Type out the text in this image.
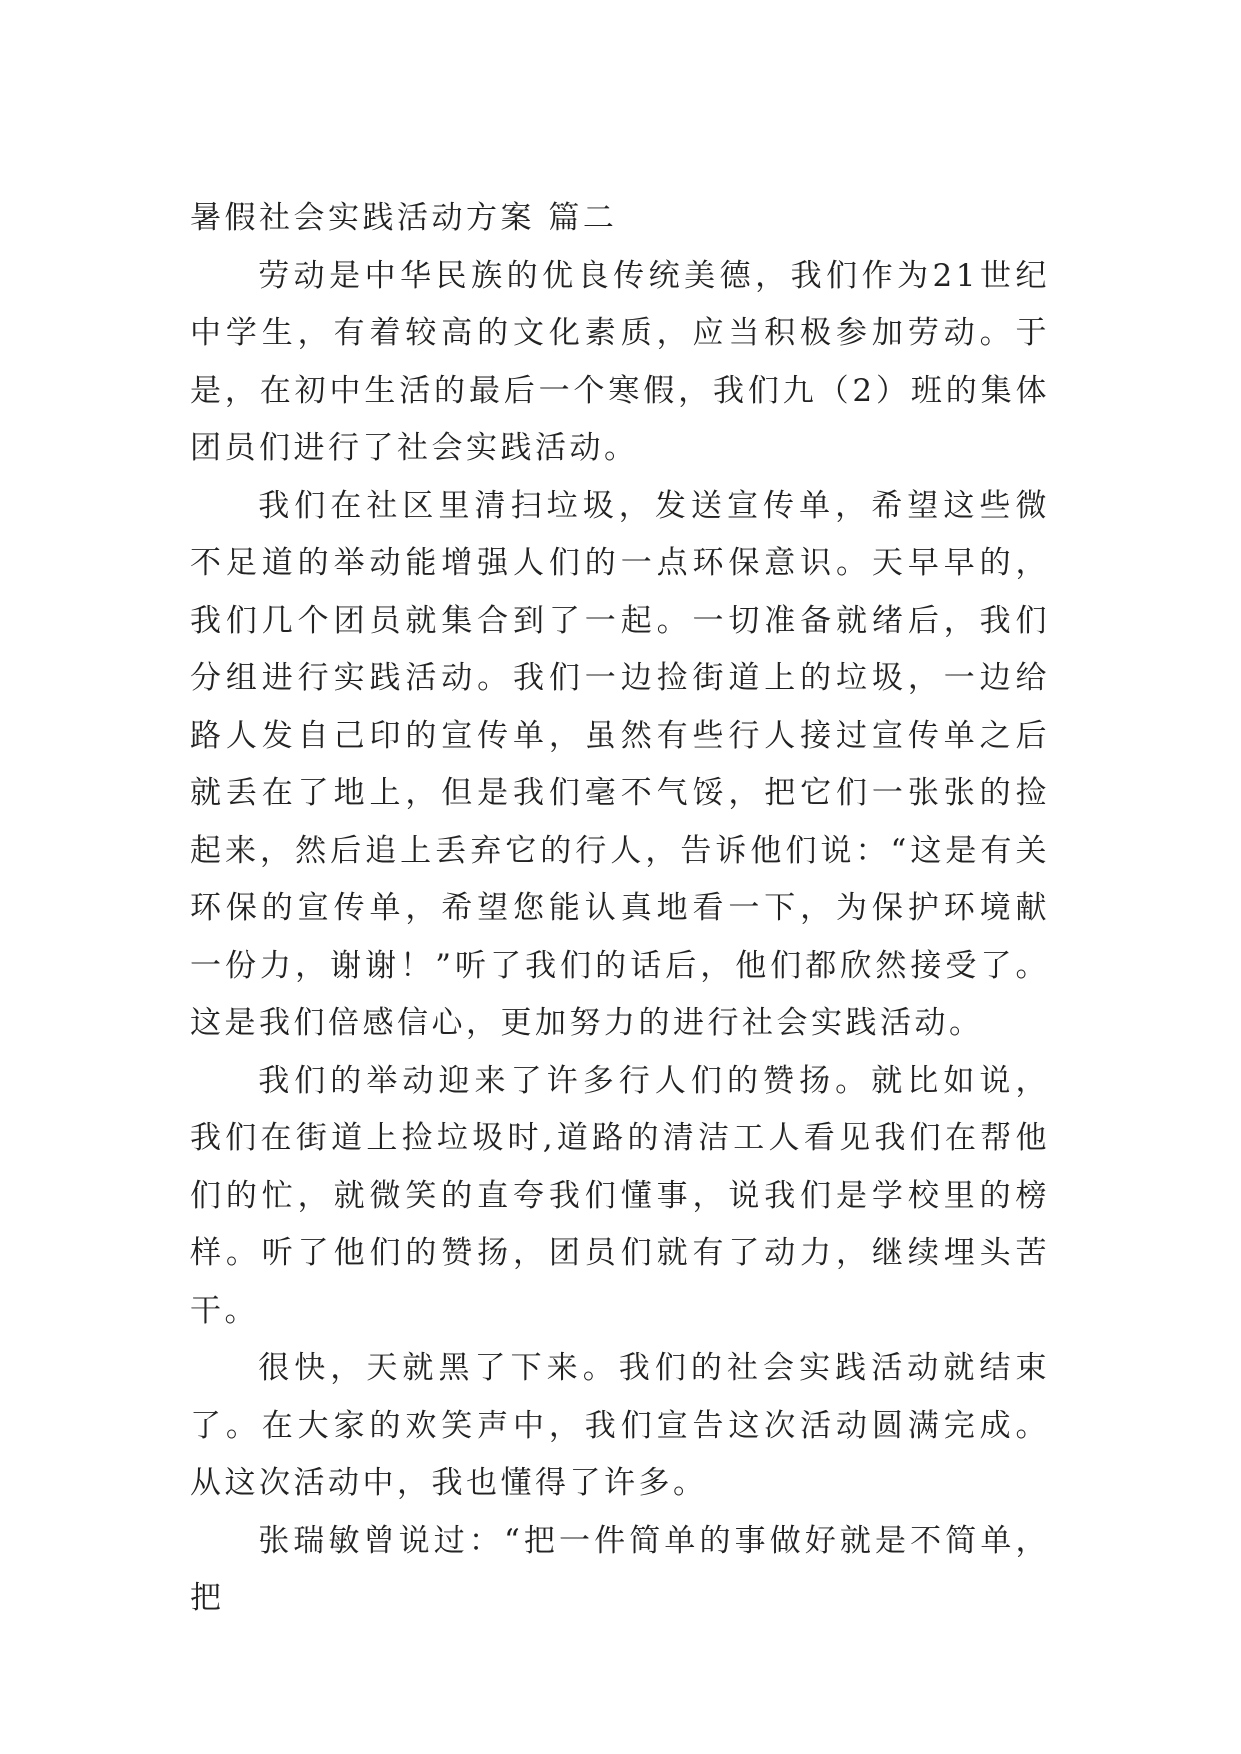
暑假社会实践活动方案 篇二

劳动是中华民族的优良传统美德，我们作为21世纪中学生，有着较高的文化素质，应当积极参加劳动。于是，在初中生活的最后一个寒假，我们九（2）班的集体团员们进行了社会实践活动。

我们在社区里清扫垃圾，发送宣传单，希望这些微不足道的举动能增强人们的一点环保意识。天早早的，我们几个团员就集合到了一起。一切准备就绪后，我们分组进行实践活动。我们一边捡街道上的垃圾，一边给路人发自己印的宣传单，虽然有些行人接过宣传单之后就丢在了地上，但是我们毫不气馁，把它们一张张的捡起来，然后追上丢弃它的行人，告诉他们说：“这是有关环保的宣传单，希望您能认真地看一下，为保护环境献一份力，谢谢！”听了我们的话后，他们都欣然接受了。这是我们倍感信心，更加努力的进行社会实践活动。

我们的举动迎来了许多行人们的赞扬。就比如说，我们在街道上捡垃圾时,道路的清洁工人看见我们在帮他们的忙，就微笑的直夸我们懂事，说我们是学校里的榜样。听了他们的赞扬，团员们就有了动力，继续埋头苦干。

很快，天就黑了下来。我们的社会实践活动就结束了。在大家的欢笑声中，我们宣告这次活动圆满完成。从这次活动中，我也懂得了许多。

张瑞敏曾说过：“把一件简单的事做好就是不简单，把
